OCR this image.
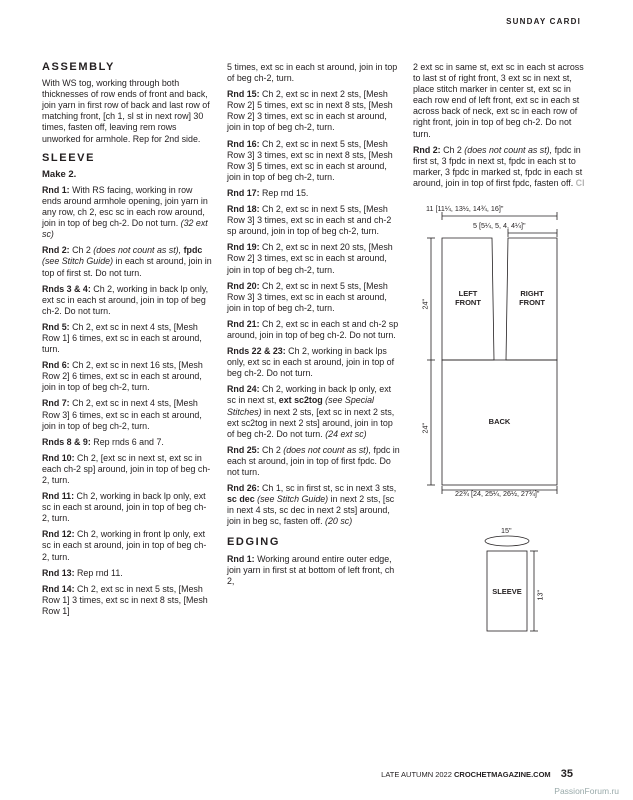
SUNDAY CARDI
ASSEMBLY

With WS tog, working through both thicknesses of row ends of front and back, join yarn in first row of back and last row of matching front, [ch 1, sl st in next row] 30 times, fasten off, leaving rem rows unworked for armhole. Rep for 2nd side.

SLEEVE
Make 2.

Rnd 1: With RS facing, working in row ends around armhole opening, join yarn in any row, ch 2, esc sc in each row around, join in top of beg ch-2. Do not turn. (32 ext sc)

Rnd 2: Ch 2 (does not count as st), fpdc (see Stitch Guide) in each st around, join in top of first st. Do not turn.

Rnds 3 & 4: Ch 2, working in back lp only, ext sc in each st around, join in top of beg ch-2. Do not turn.

Rnd 5: Ch 2, ext sc in next 4 sts, [Mesh Row 1] 6 times, ext sc in each st around, turn.

Rnd 6: Ch 2, ext sc in next 16 sts, [Mesh Row 2] 6 times, ext sc in each st around, join in top of beg ch-2, turn.

Rnd 7: Ch 2, ext sc in next 4 sts, [Mesh Row 3] 6 times, ext sc in each st around, join in top of beg ch-2, turn.

Rnds 8 & 9: Rep rnds 6 and 7.

Rnd 10: Ch 2, [ext sc in next st, ext sc in each ch-2 sp] around, join in top of beg ch-2, turn.

Rnd 11: Ch 2, working in back lp only, ext sc in each st around, join in top of beg ch-2, turn.

Rnd 12: Ch 2, working in front lp only, ext sc in each st around, join in top of beg ch-2, turn.

Rnd 13: Rep rnd 11.

Rnd 14: Ch 2, ext sc in next 5 sts, [Mesh Row 1] 3 times, ext sc in next 8 sts, [Mesh Row 1]

5 times, ext sc in each st around, join in top of beg ch-2, turn.

Rnd 15: Ch 2, ext sc in next 2 sts, [Mesh Row 2] 5 times, ext sc in next 8 sts, [Mesh Row 2] 3 times, ext sc in each st around, join in top of beg ch-2, turn.

Rnd 16: Ch 2, ext sc in next 5 sts, [Mesh Row 3] 3 times, ext sc in next 8 sts, [Mesh Row 3] 5 times, ext sc in each st around, join in top of beg ch-2, turn.

Rnd 17: Rep rnd 15.

Rnd 18: Ch 2, ext sc in next 5 sts, [Mesh Row 3] 3 times, ext sc in each st and ch-2 sp around, join in top of beg ch-2, turn.

Rnd 19: Ch 2, ext sc in next 20 sts, [Mesh Row 2] 3 times, ext sc in each st around, join in top of beg ch-2, turn.

Rnd 20: Ch 2, ext sc in next 5 sts, [Mesh Row 3] 3 times, ext sc in each st around, join in top of beg ch-2, turn.

Rnd 21: Ch 2, ext sc in each st and ch-2 sp around, join in top of beg ch-2. Do not turn.

Rnds 22 & 23: Ch 2, working in back lps only, ext sc in each st around, join in top of beg ch-2. Do not turn.

Rnd 24: Ch 2, working in back lp only, ext sc in next st, ext sc2tog (see Special Stitches) in next 2 sts, [ext sc in next 2 sts, ext sc2tog in next 2 sts] around, join in top of beg ch-2. Do not turn. (24 ext sc)

Rnd 25: Ch 2 (does not count as st), fpdc in each st around, join in top of first fpdc. Do not turn.

Rnd 26: Ch 1, sc in first st, sc in next 3 sts, sc dec (see Stitch Guide) in next 2 sts, [sc in next 4 sts, sc dec in next 2 sts] around, join in beg sc, fasten off. (20 sc)

EDGING

Rnd 1: Working around entire outer edge, join yarn in first st at bottom of left front, ch 2,

2 ext sc in same st, ext sc in each st across to last st of right front, 3 ext sc in next st, place stitch marker in center st, ext sc in each row end of left front, ext sc in each st across back of neck, ext sc in each row of right front, join in top of beg ch-2. Do not turn.

Rnd 2: Ch 2 (does not count as st), fpdc in first st, 3 fpdc in next st, fpdc in each st to marker, 3 fpdc in marked st, fpdc in each st around, join in top of first fpdc, fasten off. CI

11 [11¼, 13½, 14¾, 16]"
5 [5¼, 5, 4, 4¼]"
LEFT
FRONT
RIGHT
FRONT
BACK
24"
24"
22¾ [24, 25¼, 26½, 27¾]"
15"
SLEEVE	13"
LATE AUTUMN 2022 CROCHETMAGAZINE.COM 35
PassionForum.ru
